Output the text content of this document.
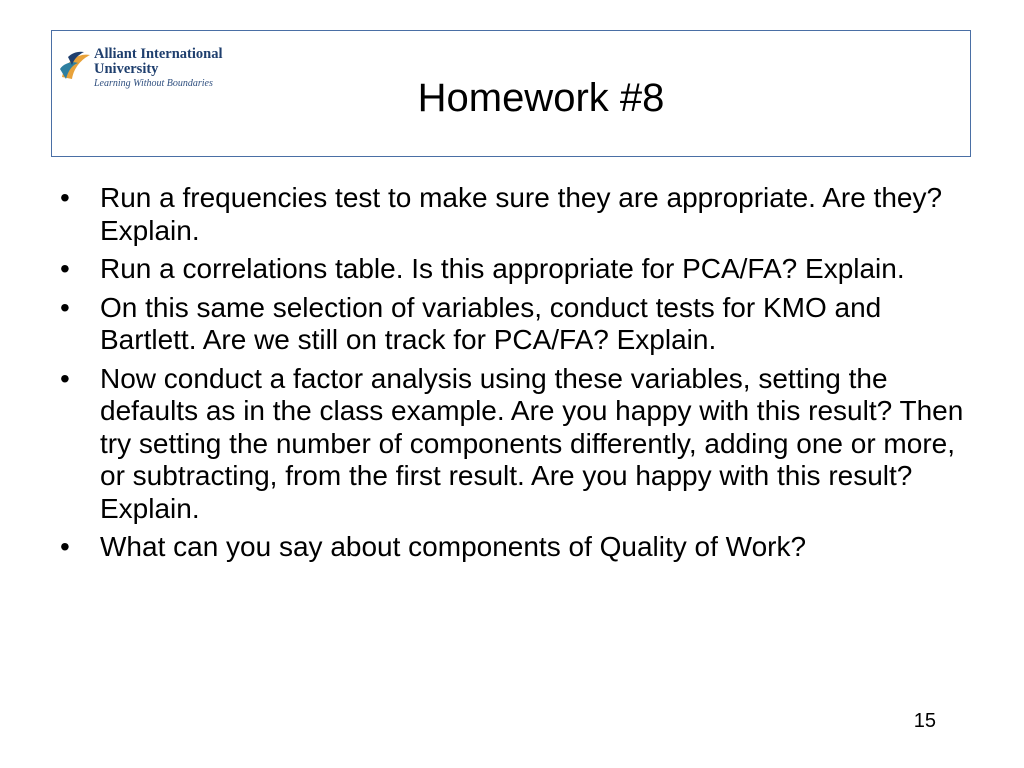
Alliant International
University
Learning Without Boundaries	Homework #8
• Run a frequencies test to make sure they are appropriate. Are they? Explain.
• Run a correlations table. Is this appropriate for PCA/FA? Explain.
• On this same selection of variables, conduct tests for KMO and Bartlett. Are we still on track for PCA/FA? Explain.
• Now conduct a factor analysis using these variables, setting the defaults as in the class example. Are you happy with this result? Then try setting the number of components differently, adding one or more, or subtracting, from the first result. Are you happy with this result? Explain.
• What can you say about components of Quality of Work?
15
